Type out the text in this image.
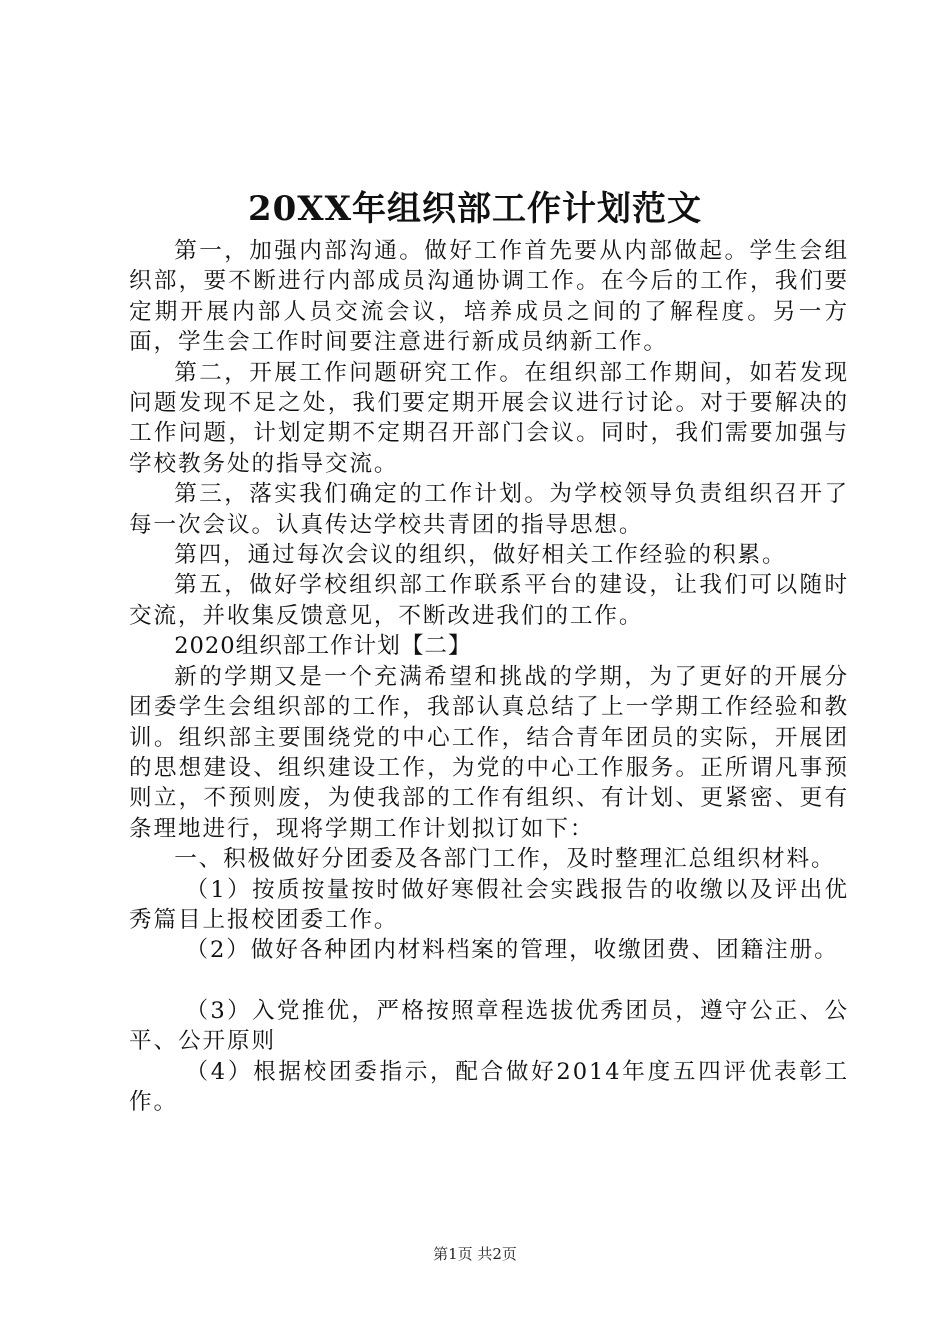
20XX年组织部工作计划范文

第一，加强内部沟通。做好工作首先要从内部做起。学生会组织部，要不断进行内部成员沟通协调工作。在今后的工作，我们要定期开展内部人员交流会议，培养成员之间的了解程度。另一方面，学生会工作时间要注意进行新成员纳新工作。

第二，开展工作问题研究工作。在组织部工作期间，如若发现问题发现不足之处，我们要定期开展会议进行讨论。对于要解决的工作问题，计划定期不定期召开部门会议。同时，我们需要加强与学校教务处的指导交流。

第三，落实我们确定的工作计划。为学校领导负责组织召开了每一次会议。认真传达学校共青团的指导思想。

第四，通过每次会议的组织，做好相关工作经验的积累。

第五，做好学校组织部工作联系平台的建设，让我们可以随时交流，并收集反馈意见，不断改进我们的工作。

2020组织部工作计划【二】

新的学期又是一个充满希望和挑战的学期，为了更好的开展分团委学生会组织部的工作，我部认真总结了上一学期工作经验和教训。组织部主要围绕党的中心工作，结合青年团员的实际，开展团的思想建设、组织建设工作，为党的中心工作服务。正所谓凡事预则立，不预则废，为使我部的工作有组织、有计划、更紧密、更有条理地进行，现将学期工作计划拟订如下：

一、积极做好分团委及各部门工作，及时整理汇总组织材料。

（1）按质按量按时做好寒假社会实践报告的收缴以及评出优秀篇目上报校团委工作。

（2）做好各种团内材料档案的管理，收缴团费、团籍注册。

（3）入党推优，严格按照章程选拔优秀团员，遵守公正、公平、公开原则

（4）根据校团委指示，配合做好2014年度五四评优表彰工作。

第1页 共2页
